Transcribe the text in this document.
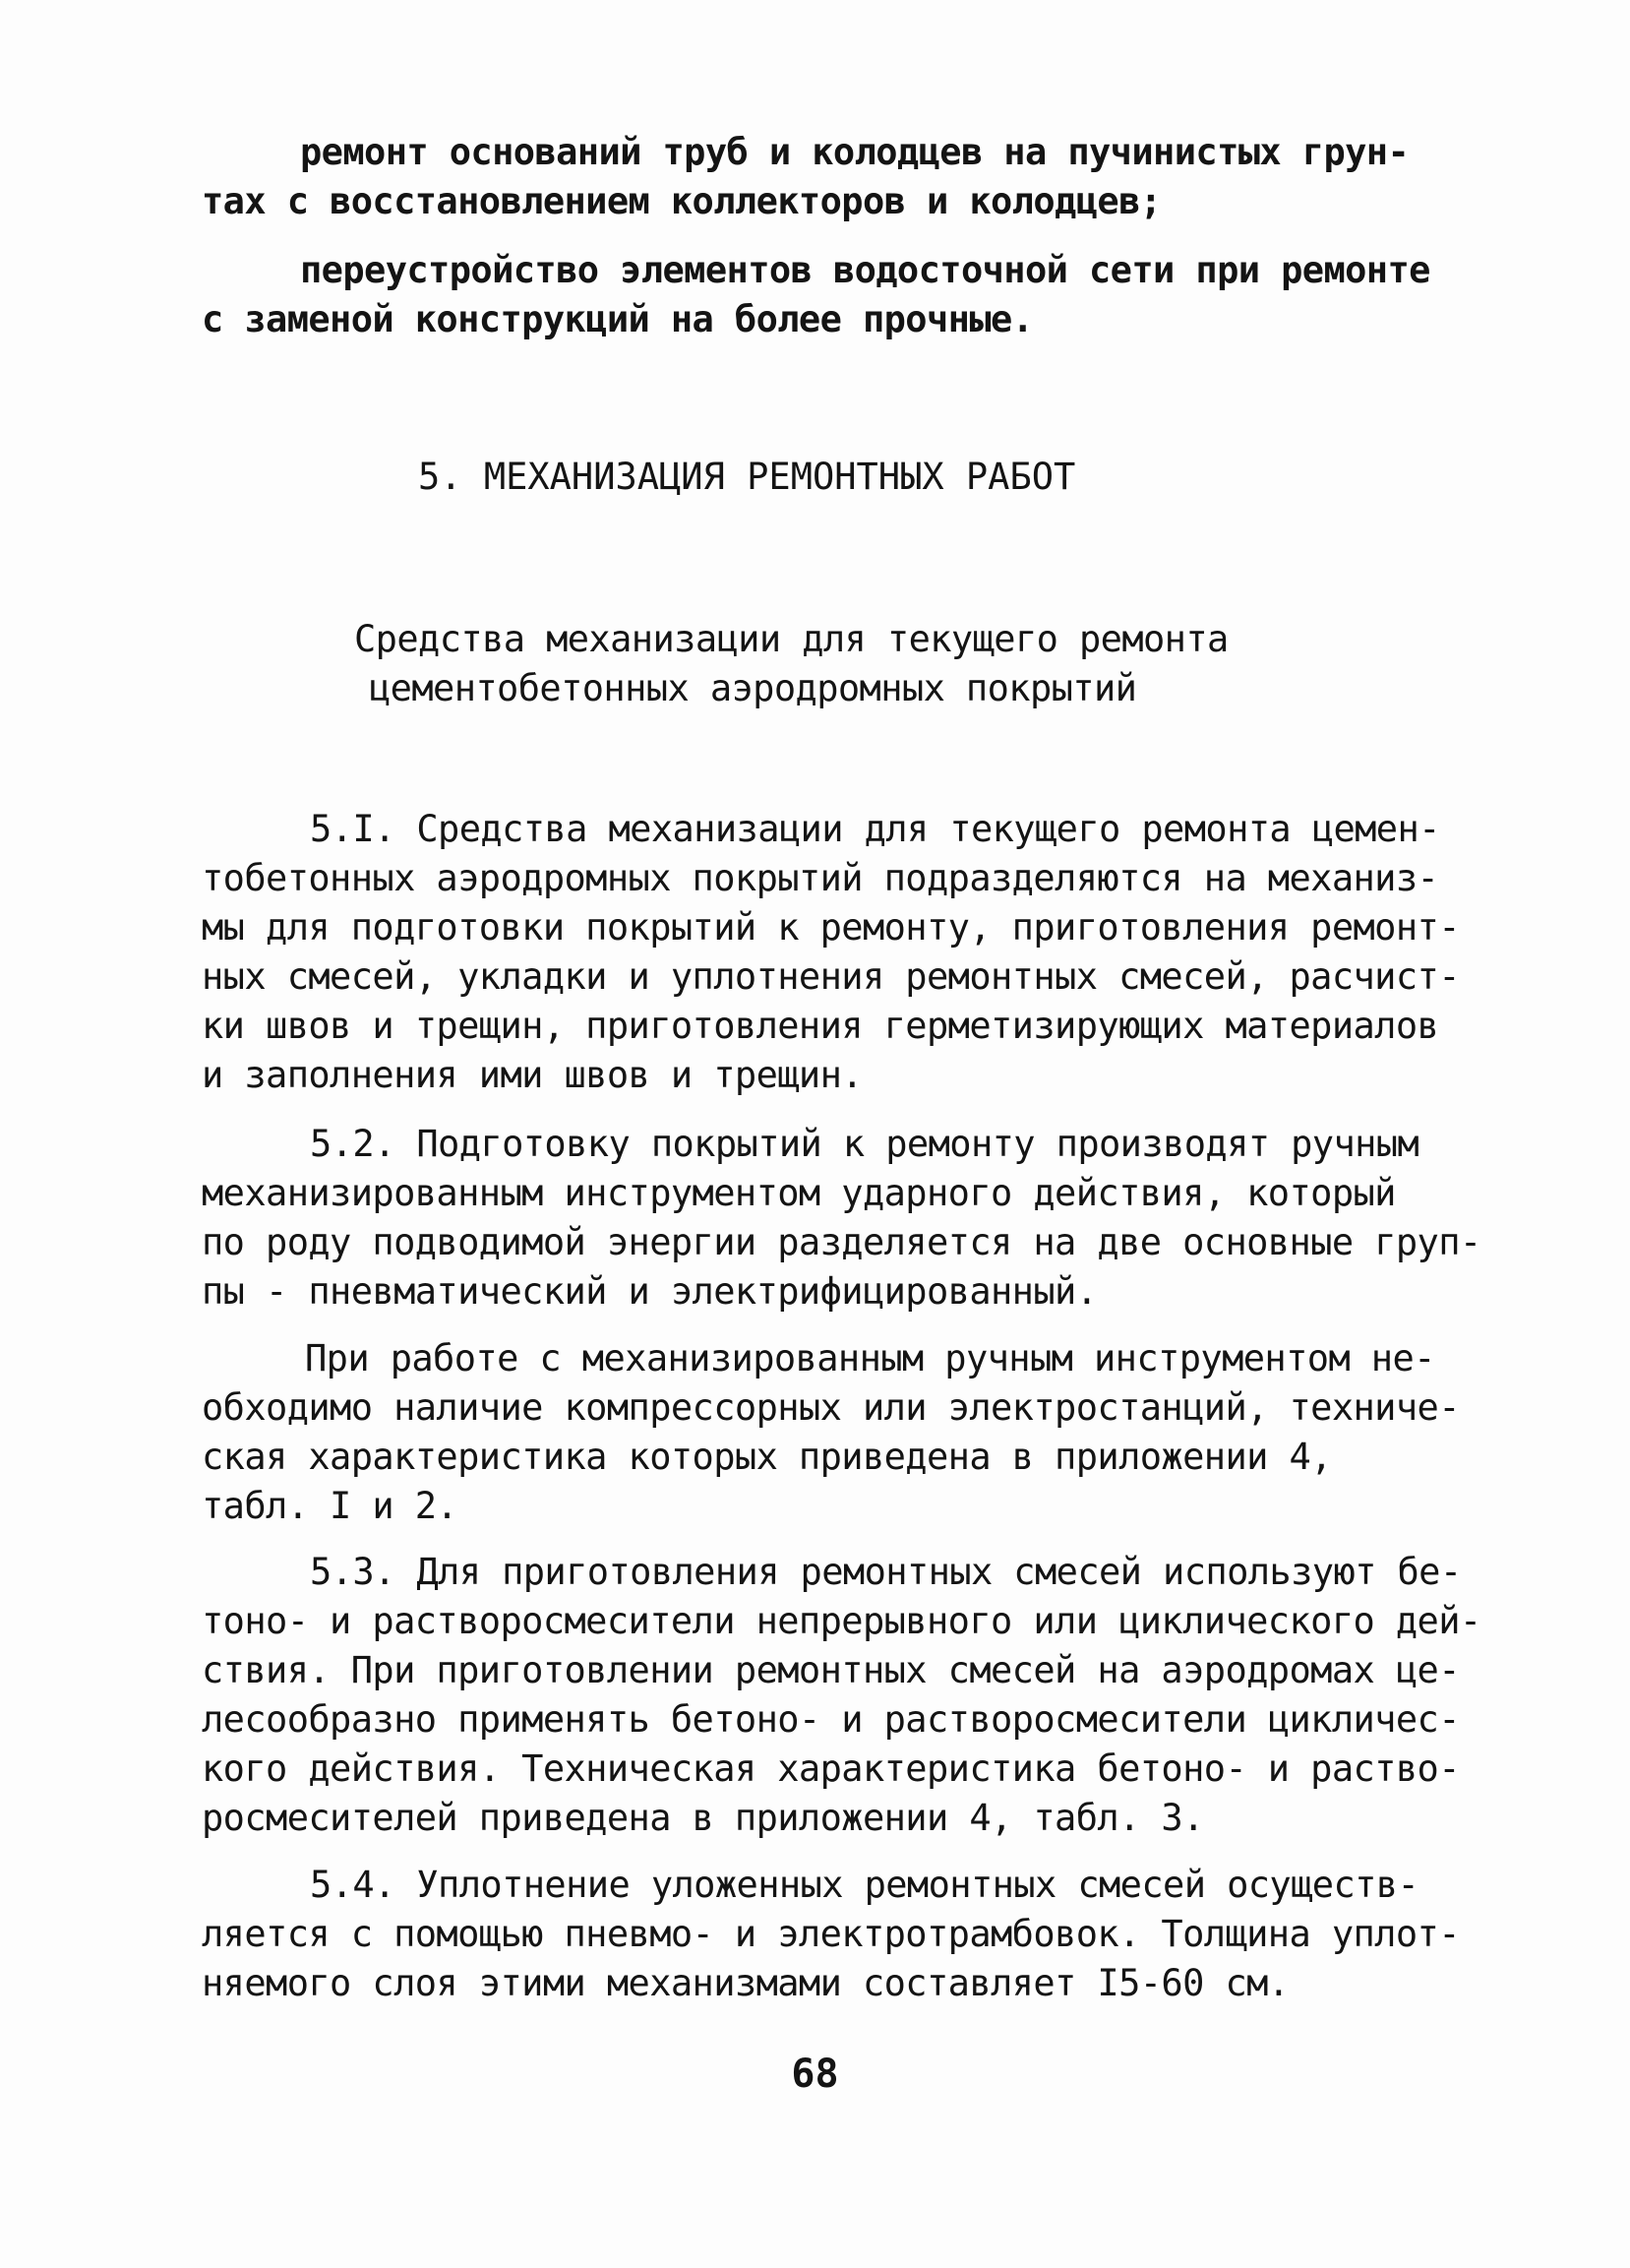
ремонт оснований труб и колодцев на пучинистых грун-
тах с восстановлением коллекторов и колодцев;
переустройство элементов водосточной сети при ремонте
с заменой конструкций на более прочные.
5. МЕХАНИЗАЦИЯ РЕМОНТНЫХ РАБОТ
Средства механизации для текущего ремонта
цементобетонных аэродромных покрытий
5.I. Средства механизации для текущего ремонта цемен-
тобетонных аэродромных покрытий подразделяются на механиз-
мы для подготовки покрытий к ремонту, приготовления ремонт-
ных смесей, укладки и уплотнения ремонтных смесей, расчист-
ки швов и трещин, приготовления герметизирующих материалов
и заполнения ими швов и трещин.
5.2. Подготовку покрытий к ремонту производят ручным
механизированным инструментом ударного действия, который
по роду подводимой энергии разделяется на две основные груп-
пы - пневматический и электрифицированный.
При работе с механизированным ручным инструментом не-
обходимо наличие компрессорных или электростанций, техниче-
ская характеристика которых приведена в приложении 4,
табл. I и 2.
5.3. Для приготовления ремонтных смесей используют бе-
тоно- и растворосмесители непрерывного или циклического дей-
ствия. При приготовлении ремонтных смесей на аэродромах це-
лесообразно применять бетоно- и растворосмесители цикличес-
кого действия. Техническая характеристика бетоно- и раство-
росмесителей приведена в приложении 4, табл. 3.
5.4. Уплотнение уложенных ремонтных смесей осуществ-
ляется с помощью пневмо- и электротрамбовок. Толщина уплот-
няемого слоя этими механизмами составляет I5-60 см.
68
